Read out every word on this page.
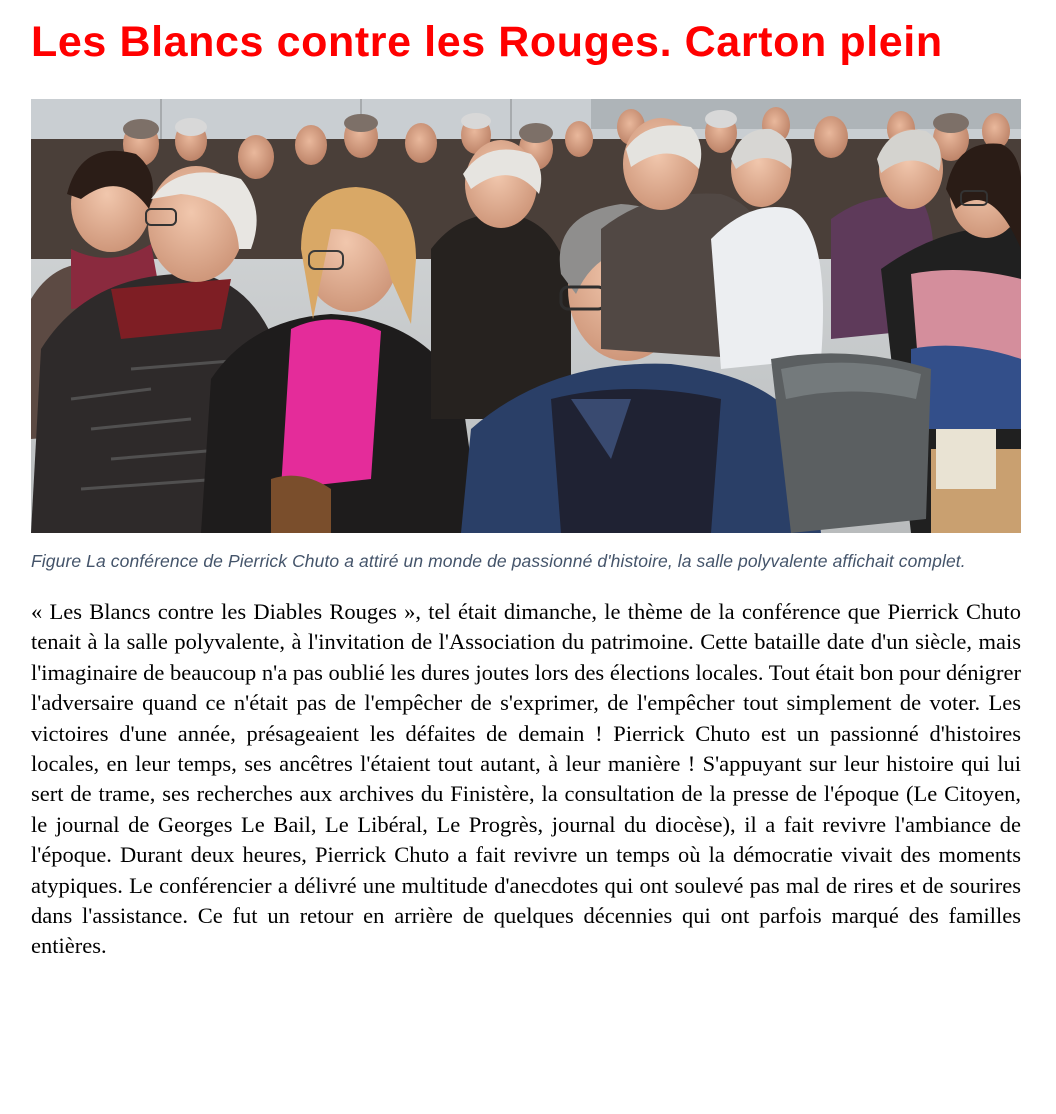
Les Blancs contre les Rouges. Carton plein

Figure La conférence de Pierrick Chuto a attiré un monde de passionné d'histoire, la salle polyvalente affichait complet.

« Les Blancs contre les Diables Rouges », tel était dimanche, le thème de la conférence que Pierrick Chuto tenait à la salle polyvalente, à l'invitation de l'Association du patrimoine. Cette bataille date d'un siècle, mais l'imaginaire de beaucoup n'a pas oublié les dures joutes lors des élections locales. Tout était bon pour dénigrer l'adversaire quand ce n'était pas de l'empêcher de s'exprimer, de l'empêcher tout simplement de voter. Les victoires d'une année, présageaient les défaites de demain ! Pierrick Chuto est un passionné d'histoires locales, en leur temps, ses ancêtres l'étaient tout autant, à leur manière ! S'appuyant sur leur histoire qui lui sert de trame, ses recherches aux archives du Finistère, la consultation de la presse de l'époque (Le Citoyen, le journal de Georges Le Bail, Le Libéral, Le Progrès, journal du diocèse), il a fait revivre l'ambiance de l'époque. Durant deux heures, Pierrick Chuto a fait revivre un temps où la démocratie vivait des moments atypiques. Le conférencier a délivré une multitude d'anecdotes qui ont soulevé pas mal de rires et de sourires dans l'assistance. Ce fut un retour en arrière de quelques décennies qui ont parfois marqué des familles entières.
